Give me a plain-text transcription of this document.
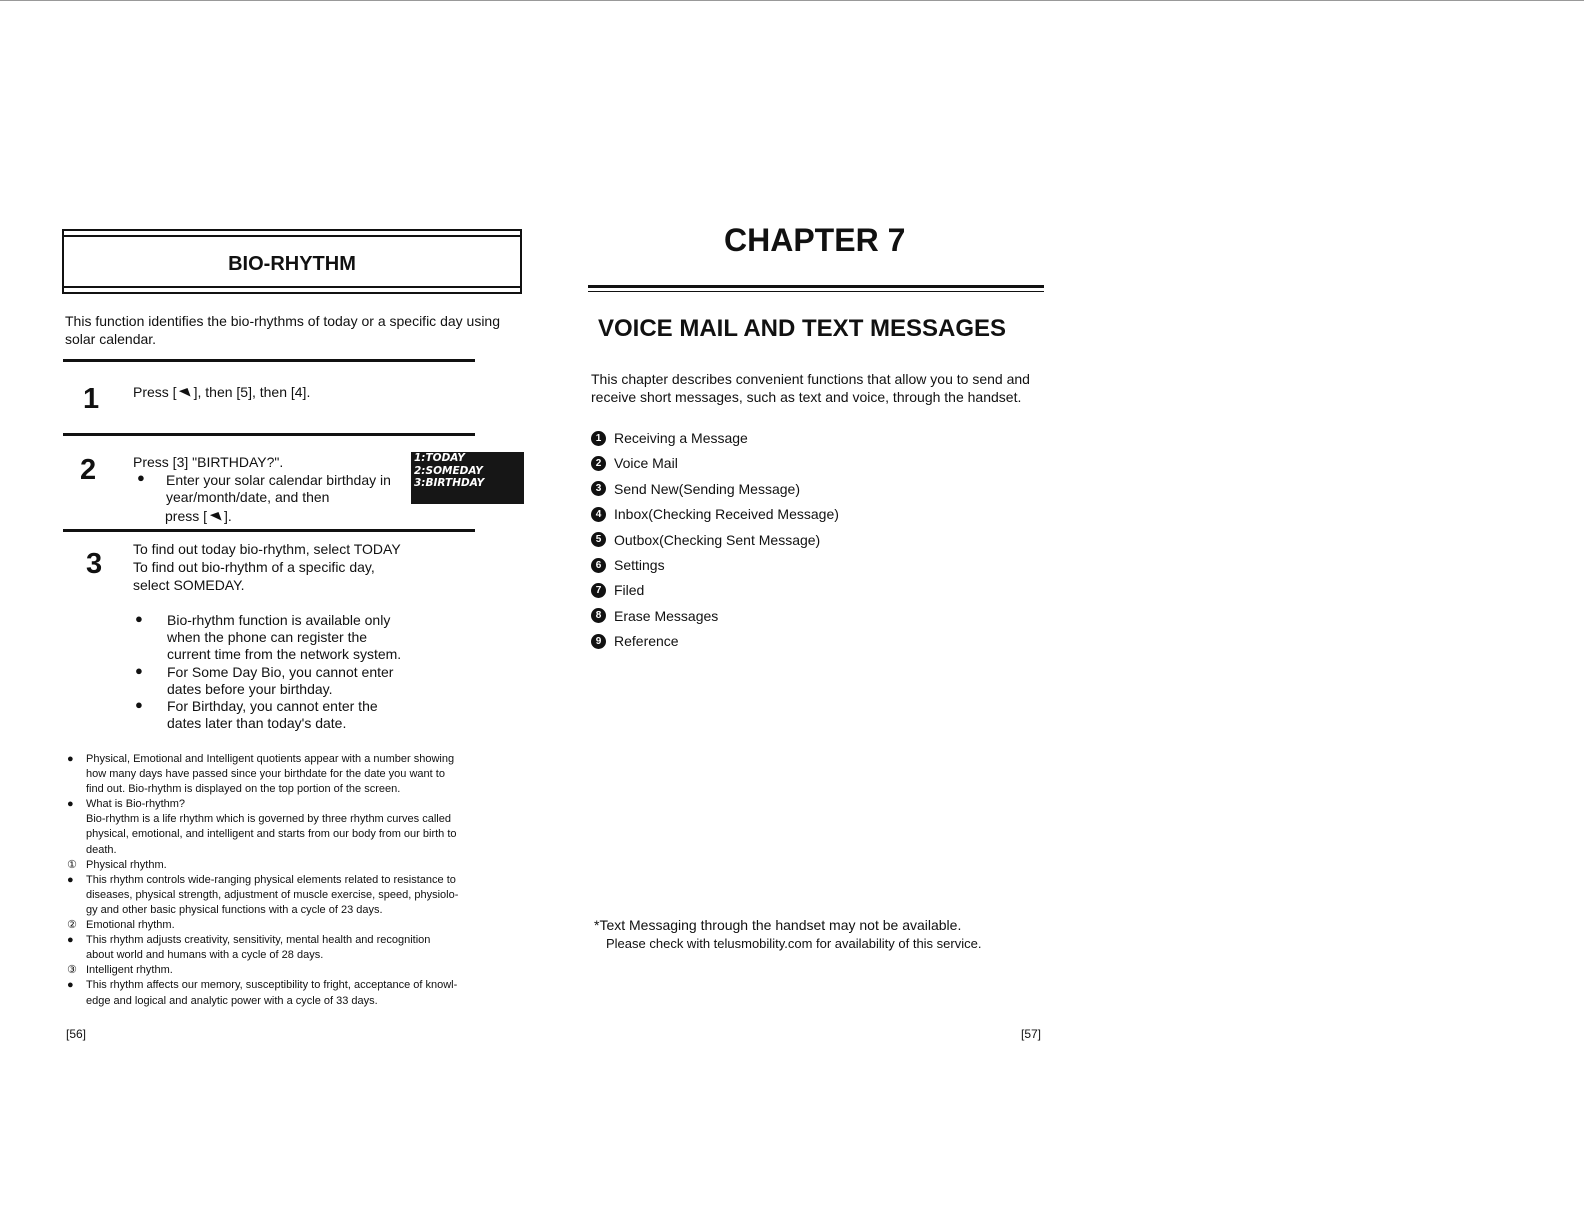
BIO-RHYTHM
This function identifies the bio-rhythms of today or a specific day using solar calendar.
1 Press [ ◥ ], then [5], then [4].
2	Press [3] "BIRTHDAY?".
● Enter your solar calendar birthday in year/month/date, and then
press [ ◥ ].
1:TODAY
2:SOMEDAY
3:BIRTHDAY
3 To find out today bio-rhythm, select TODAY
To find out bio-rhythm of a specific day,
select SOMEDAY.
● Bio-rhythm function is available only when the phone can register the current time from the network system.
● For Some Day Bio, you cannot enter dates before your birthday.
● For Birthday, you cannot enter the dates later than today's date.
●	Physical, Emotional and Intelligent quotients appear with a number showing
how many days have passed since your birthdate for the date you want to
find out. Bio-rhythm is displayed on the top portion of the screen.
●	What is Bio-rhythm?
Bio-rhythm is a life rhythm which is governed by three rhythm curves called
physical, emotional, and intelligent and starts from our body from our birth to
death.
① Physical rhythm.
●	This rhythm controls wide-ranging physical elements related to resistance to
diseases, physical strength, adjustment of muscle exercise, speed, physiolo-
gy and other basic physical functions with a cycle of 23 days.
② Emotional rhythm.
●	This rhythm adjusts creativity, sensitivity, mental health and recognition
about world and humans with a cycle of 28 days.
③ Intelligent rhythm.
●	This rhythm affects our memory, susceptibility to fright, acceptance of knowl-
edge and logical and analytic power with a cycle of 33 days.
[56]
CHAPTER 7
VOICE MAIL AND TEXT MESSAGES
This chapter describes convenient functions that allow you to send and receive short messages, such as text and voice, through the handset.
1 Receiving a Message
2 Voice Mail
3 Send New(Sending Message)
4 Inbox(Checking Received Message)
5 Outbox(Checking Sent Message)
6 Settings
7 Filed
8 Erase Messages
9 Reference
*Text Messaging through the handset may not be available.
Please check with telusmobility.com for availability of this service.
[57]
